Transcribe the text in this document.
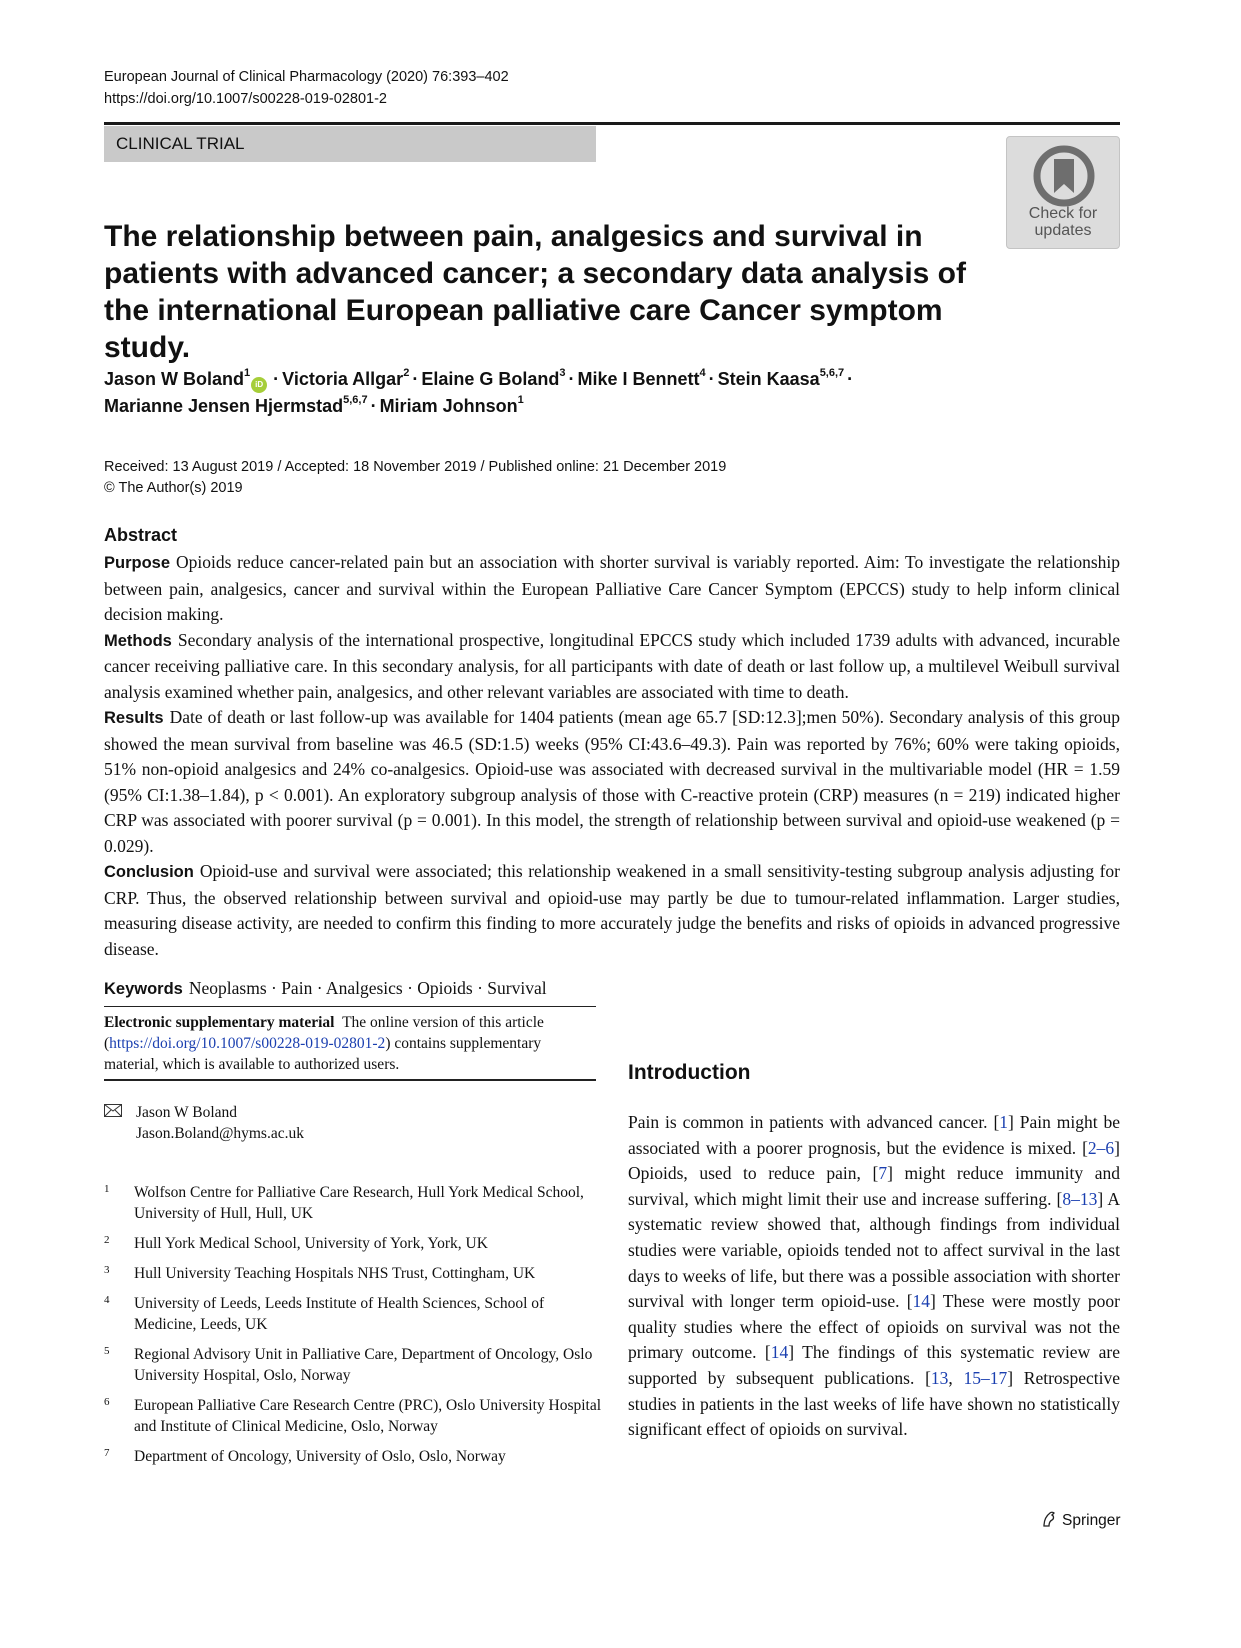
European Journal of Clinical Pharmacology (2020) 76:393–402
https://doi.org/10.1007/s00228-019-02801-2
CLINICAL TRIAL
Check for
updates
The relationship between pain, analgesics and survival in patients with advanced cancer; a secondary data analysis of the international European palliative care Cancer symptom study.
Jason W Boland$^1$iD · Victoria Allgar$^2$ · Elaine G Boland$^3$ · Mike I Bennett$^4$ · Stein Kaasa$^{5,6,7}$ ·
Marianne Jensen Hjermstad$^{5,6,7}$ · Miriam Johnson$^1$
Received: 13 August 2019 / Accepted: 18 November 2019 / Published online: 21 December 2019
© The Author(s) 2019
Abstract
Purpose Opioids reduce cancer-related pain but an association with shorter survival is variably reported. Aim: To investigate the relationship between pain, analgesics, cancer and survival within the European Palliative Care Cancer Symptom (EPCCS) study to help inform clinical decision making.
Methods Secondary analysis of the international prospective, longitudinal EPCCS study which included 1739 adults with advanced, incurable cancer receiving palliative care. In this secondary analysis, for all participants with date of death or last follow up, a multilevel Weibull survival analysis examined whether pain, analgesics, and other relevant variables are associated with time to death.
Results Date of death or last follow-up was available for 1404 patients (mean age 65.7 [SD:12.3];men 50%). Secondary analysis of this group showed the mean survival from baseline was 46.5 (SD:1.5) weeks (95% CI:43.6–49.3). Pain was reported by 76%; 60% were taking opioids, 51% non-opioid analgesics and 24% co-analgesics. Opioid-use was associated with decreased survival in the multivariable model (HR = 1.59 (95% CI:1.38–1.84), p < 0.001). An exploratory subgroup analysis of those with C-reactive protein (CRP) measures (n = 219) indicated higher CRP was associated with poorer survival (p = 0.001). In this model, the strength of relationship between survival and opioid-use weakened (p = 0.029).
Conclusion Opioid-use and survival were associated; this relationship weakened in a small sensitivity-testing subgroup analysis adjusting for CRP. Thus, the observed relationship between survival and opioid-use may partly be due to tumour-related inflammation. Larger studies, measuring disease activity, are needed to confirm this finding to more accurately judge the benefits and risks of opioids in advanced progressive disease.
Keywords Neoplasms · Pain · Analgesics · Opioids · Survival
Electronic supplementary material The online version of this article (https://doi.org/10.1007/s00228-019-02801-2) contains supplementary material, which is available to authorized users.
Jason W Boland
Jason.Boland@hyms.ac.uk
1 Wolfson Centre for Palliative Care Research, Hull York Medical School, University of Hull, Hull, UK
2 Hull York Medical School, University of York, York, UK
3 Hull University Teaching Hospitals NHS Trust, Cottingham, UK
4 University of Leeds, Leeds Institute of Health Sciences, School of Medicine, Leeds, UK
5 Regional Advisory Unit in Palliative Care, Department of Oncology, Oslo University Hospital, Oslo, Norway
6 European Palliative Care Research Centre (PRC), Oslo University Hospital and Institute of Clinical Medicine, Oslo, Norway
7 Department of Oncology, University of Oslo, Oslo, Norway
Introduction
Pain is common in patients with advanced cancer. [1] Pain might be associated with a poorer prognosis, but the evidence is mixed. [2–6] Opioids, used to reduce pain, [7] might reduce immunity and survival, which might limit their use and increase suffering. [8–13] A systematic review showed that, although findings from individual studies were variable, opioids tended not to affect survival in the last days to weeks of life, but there was a possible association with shorter survival with longer term opioid-use. [14] These were mostly poor quality studies where the effect of opioids on survival was not the primary outcome. [14] The findings of this systematic review are supported by subsequent publications. [13, 15–17] Retrospective studies in patients in the last weeks of life have shown no statistically significant effect of opioids on survival.
Springer
